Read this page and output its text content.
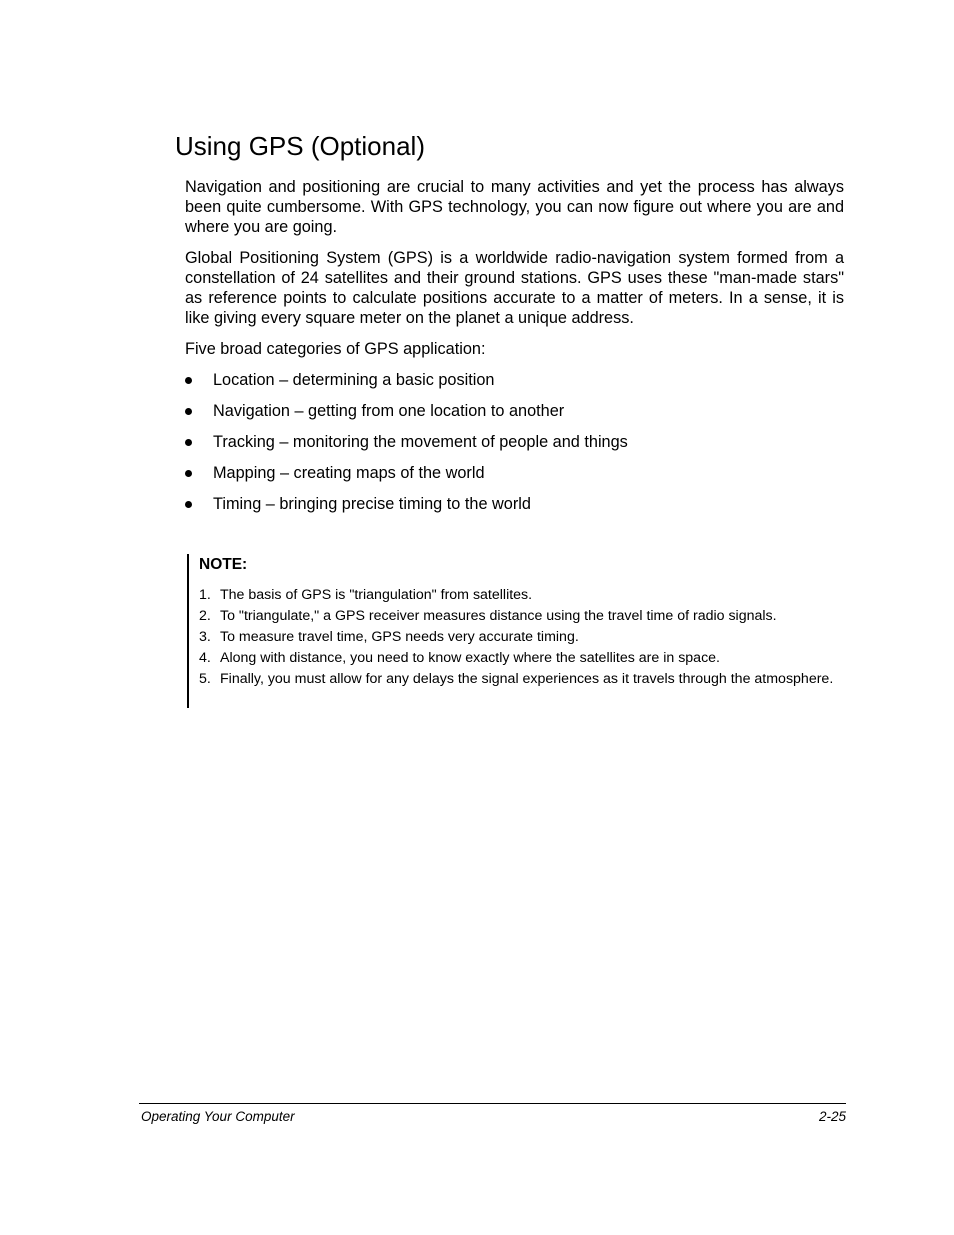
Using GPS (Optional)

Navigation and positioning are crucial to many activities and yet the process has always been quite cumbersome. With GPS technology, you can now figure out where you are and where you are going.

Global Positioning System (GPS) is a worldwide radio-navigation system formed from a constellation of 24 satellites and their ground stations. GPS uses these "man-made stars" as reference points to calculate positions accurate to a matter of meters. In a sense, it is like giving every square meter on the planet a unique address.

Five broad categories of GPS application:

Location – determining a basic position
Navigation – getting from one location to another
Tracking – monitoring the movement of people and things
Mapping – creating maps of the world
Timing – bringing precise timing to the world

NOTE:

1. The basis of GPS is "triangulation" from satellites.
2. To "triangulate," a GPS receiver measures distance using the travel time of radio signals.
3. To measure travel time, GPS needs very accurate timing.
4. Along with distance, you need to know exactly where the satellites are in space.
5. Finally, you must allow for any delays the signal experiences as it travels through the atmosphere.
Operating Your Computer	2-25
